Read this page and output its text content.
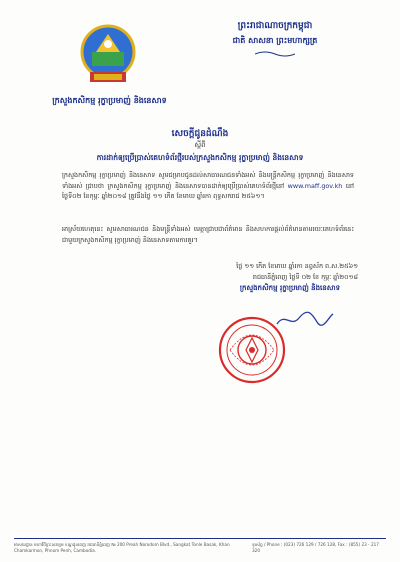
ព្រះរាជាណាចក្រកម្ពុជា
ជាតិ សាសនា ព្រះមហាក្សត្រ
ក្រសួងកសិកម្ម រុក្ខាប្រមាញ់ និងនេសាទ
សេចក្តីជូនដំណឹង
ស្តីពី
ការដាក់ឲ្យប្រើប្រាស់គេហទំព័រថ្មីរបស់ក្រសួងកសិកម្ម រុក្ខាប្រមាញ់ និងនេសាទ
ក្រសួងកសិកម្ម រុក្ខាប្រមាញ់ និងនេសាទ សូមជម្រាបជូនដល់សាធារណជនទាំងអស់ និងមន្ត្រីកសិកម្ម រុក្ខាប្រមាញ់ និងនេសាទទាំងអស់ ជ្រាបថា ក្រសួងកសិកម្ម រុក្ខាប្រមាញ់ និងនេសាទបានដាក់ឲ្យប្រើប្រាស់គេហទំព័រថ្មីនៅ www.maff.gov.kh នៅថ្ងៃទី០២ ខែកុម្ភៈ ឆ្នាំ២០១៨ ត្រូវនឹងថ្ងៃ ១១ កើត ខែមាឃ ឆ្នាំរកា ពុទ្ធសករាជ ២៥៦១។
អាស្រ័យហេតុនេះ សូមសាធារណជន និងមន្ត្រីទាំងអស់ មេត្តាជ្រាបជាព័ត៌មាន និងសហការផ្តល់ព័ត៌មានតាមរយៈគេហទំព័រនេះ ជាមួយក្រសួងកសិកម្ម រុក្ខាប្រមាញ់ និងនេសាទតាមការគួរ។
ថ្ងៃ ១១ កើត ខែមាឃ ឆ្នាំរកា នព្វស័ក ព.ស.២៥៦១
រាជធានីភ្នំពេញ ថ្ងៃទី ០២ ខែ កុម្ភៈ ឆ្នាំ២០១៨
ក្រសួងកសិកម្ម រុក្ខាប្រមាញ់ និងនេសាទ
អាសយដ្ឋាន មហាវិថីព្រះនរោត្តម ខណ្ឌដូនពេញ រាជធានីភ្នំពេញ № 200 Preah Norodom Blvd., Sangkat Tonle Basak, Khan Chamkarmon, Phnom Penh, Cambodia.
ទូរស័ព្ទ / Phone : (023) 726 129 / 726 128, Fax : (855) 23 - 217 320
